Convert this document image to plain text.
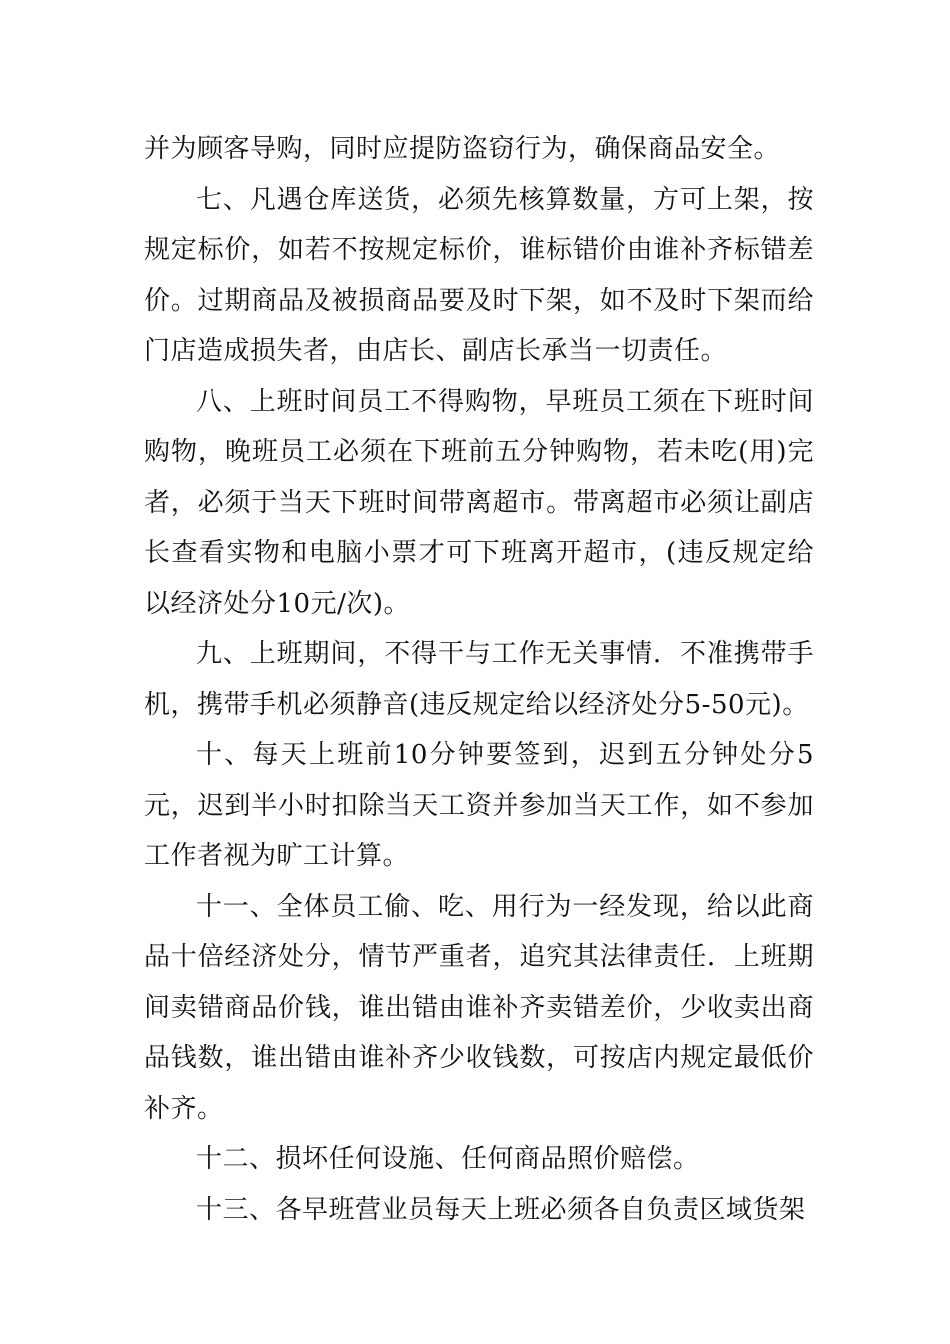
并为顾客导购，同时应提防盗窃行为，确保商品安全。

七、凡遇仓库送货，必须先核算数量，方可上架，按规定标价，如若不按规定标价，谁标错价由谁补齐标错差价。过期商品及被损商品要及时下架，如不及时下架而给门店造成损失者，由店长、副店长承当一切责任。

八、上班时间员工不得购物，早班员工须在下班时间购物，晚班员工必须在下班前五分钟购物，若未吃(用)完者，必须于当天下班时间带离超市。带离超市必须让副店长查看实物和电脑小票才可下班离开超市，(违反规定给以经济处分10元/次)。

九、上班期间，不得干与工作无关事情．不准携带手机，携带手机必须静音(违反规定给以经济处分5-50元)。

十、每天上班前10分钟要签到，迟到五分钟处分5元，迟到半小时扣除当天工资并参加当天工作，如不参加工作者视为旷工计算。

十一、全体员工偷、吃、用行为一经发现，给以此商品十倍经济处分，情节严重者，追究其法律责任．上班期间卖错商品价钱，谁出错由谁补齐卖错差价，少收卖出商品钱数，谁出错由谁补齐少收钱数，可按店内规定最低价补齐。

十二、损坏任何设施、任何商品照价赔偿。

十三、各早班营业员每天上班必须各自负责区域货架
